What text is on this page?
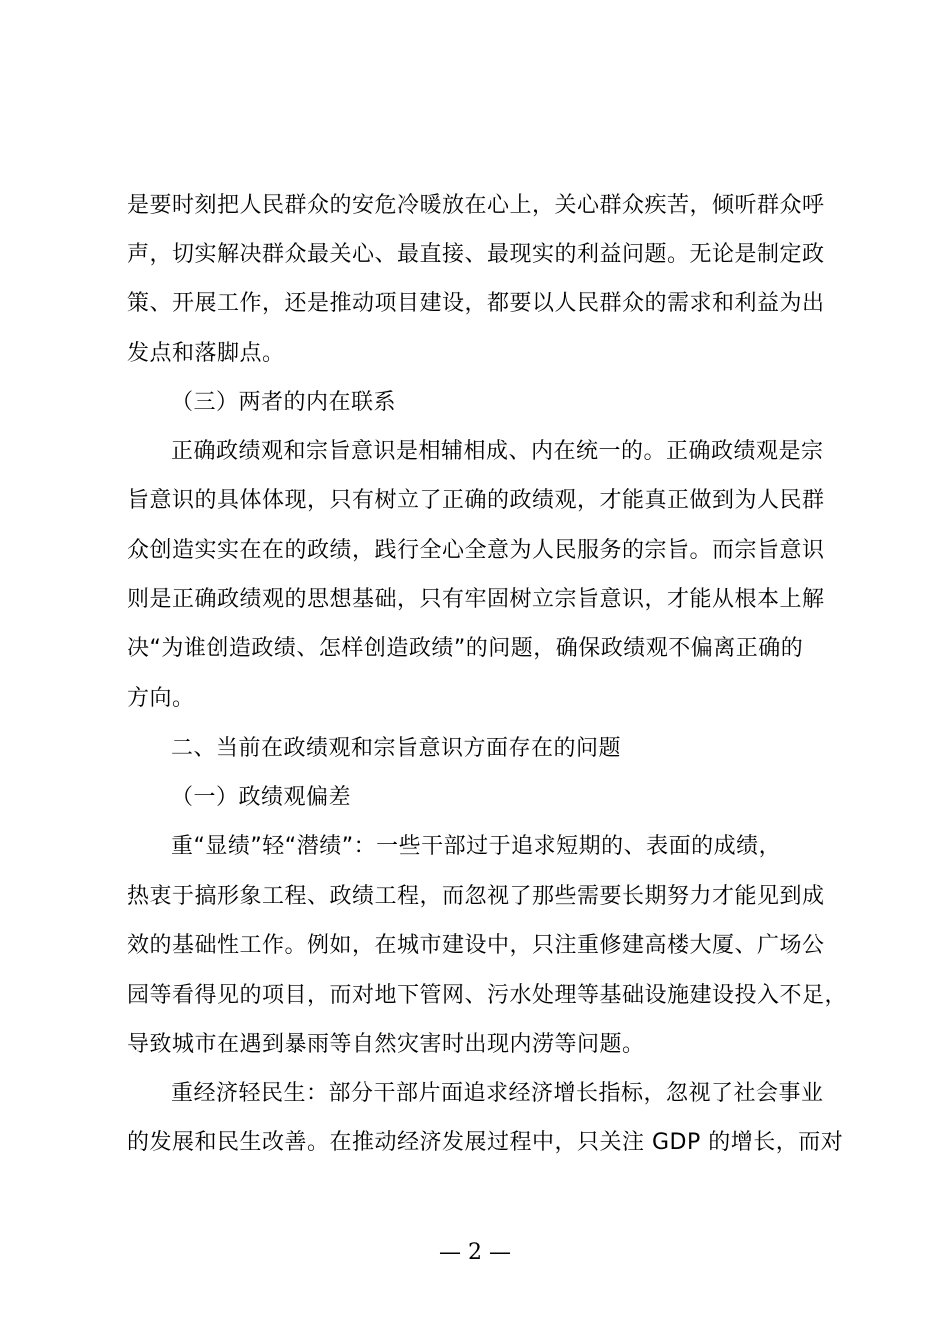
是要时刻把人民群众的安危冷暖放在心上，关心群众疾苦，倾听群众呼
声，切实解决群众最关心、最直接、最现实的利益问题。无论是制定政
策、开展工作，还是推动项目建设，都要以人民群众的需求和利益为出
发点和落脚点。
（三）两者的内在联系
正确政绩观和宗旨意识是相辅相成、内在统一的。正确政绩观是宗
旨意识的具体体现，只有树立了正确的政绩观，才能真正做到为人民群
众创造实实在在的政绩，践行全心全意为人民服务的宗旨。而宗旨意识
则是正确政绩观的思想基础，只有牢固树立宗旨意识，才能从根本上解
决“为谁创造政绩、怎样创造政绩”的问题，确保政绩观不偏离正确的
方向。
二、当前在政绩观和宗旨意识方面存在的问题
（一）政绩观偏差
重“显绩”轻“潜绩”：一些干部过于追求短期的、表面的成绩，
热衷于搞形象工程、政绩工程，而忽视了那些需要长期努力才能见到成
效的基础性工作。例如，在城市建设中，只注重修建高楼大厦、广场公
园等看得见的项目，而对地下管网、污水处理等基础设施建设投入不足，
导致城市在遇到暴雨等自然灾害时出现内涝等问题。
重经济轻民生：部分干部片面追求经济增长指标，忽视了社会事业
的发展和民生改善。在推动经济发展过程中，只关注 GDP 的增长，而对
— 2 —
